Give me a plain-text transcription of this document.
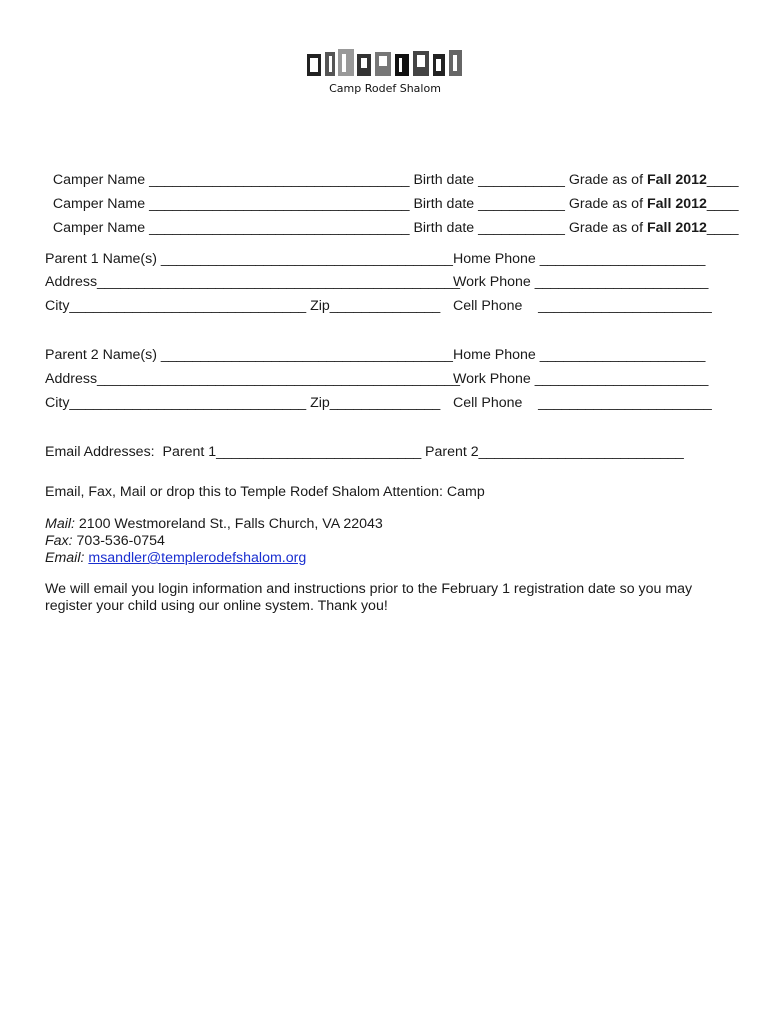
Camp Rodef Shalom

Camper Name _________________________________ Birth date ___________ Grade as of Fall 2012____

Camper Name _________________________________ Birth date ___________ Grade as of Fall 2012____

Camper Name _________________________________ Birth date ___________ Grade as of Fall 2012____

Parent 1 Name(s) _____________________________________ Home Phone _____________________
Address______________________________________________
Work Phone ______________________
City______________________________ Zip______________ Cell Phone    ______________________
Parent 2 Name(s) _____________________________________ Home Phone _____________________
Address______________________________________________
Work Phone ______________________
City______________________________ Zip______________ Cell Phone    ______________________
Email Addresses:  Parent 1__________________________ Parent 2__________________________
Email, Fax, Mail or drop this to Temple Rodef Shalom Attention: Camp
Mail: 2100 Westmoreland St., Falls Church, VA 22043
Fax: 703-536-0754
Email: msandler@templerodefshalom.org
We will email you login information and instructions prior to the February 1 registration date so you may register your child using our online system. Thank you!
